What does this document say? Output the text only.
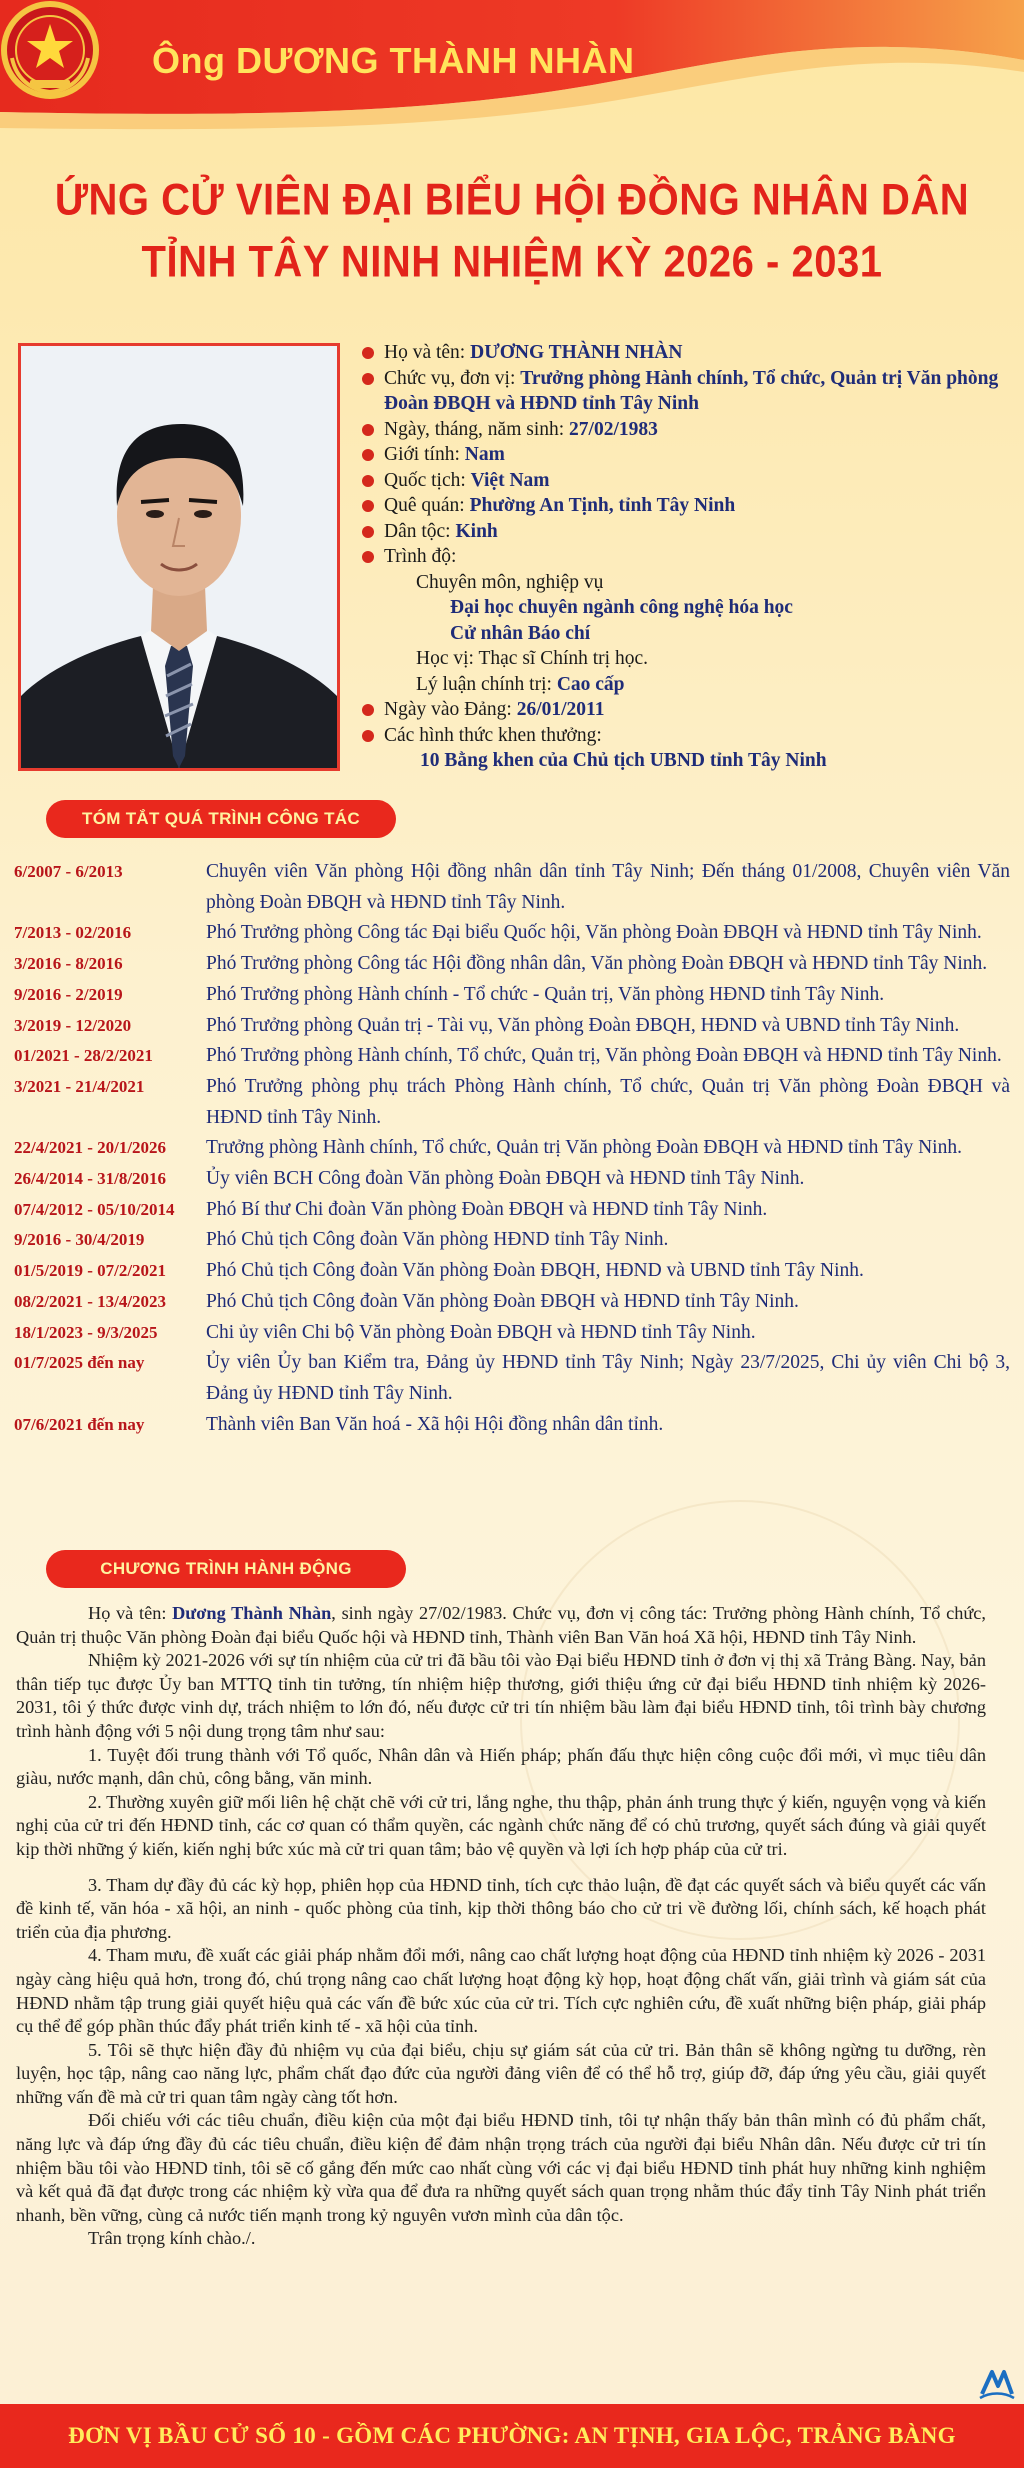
Ông DƯƠNG THÀNH NHÀN
ỨNG CỬ VIÊN ĐẠI BIỂU HỘI ĐỒNG NHÂN DÂN
TỈNH TÂY NINH NHIỆM KỲ 2026 - 2031
Họ và tên: DƯƠNG THÀNH NHÀN
Chức vụ, đơn vị: Trưởng phòng Hành chính, Tổ chức, Quản trị Văn phòng Đoàn ĐBQH và HĐND tỉnh Tây Ninh
Ngày, tháng, năm sinh: 27/02/1983
Giới tính: Nam
Quốc tịch: Việt Nam
Quê quán: Phường An Tịnh, tỉnh Tây Ninh
Dân tộc: Kinh
Trình độ:
Chuyên môn, nghiệp vụ
Đại học chuyên ngành công nghệ hóa học
Cử nhân Báo chí
Học vị: Thạc sĩ Chính trị học.
Lý luận chính trị: Cao cấp
Ngày vào Đảng: 26/01/2011
Các hình thức khen thưởng:
10 Bằng khen của Chủ tịch UBND tỉnh Tây Ninh
TÓM TẮT QUÁ TRÌNH CÔNG TÁC
6/2007 - 6/2013	Chuyên viên Văn phòng Hội đồng nhân dân tỉnh Tây Ninh; Đến tháng 01/2008, Chuyên viên Văn phòng Đoàn ĐBQH và HĐND tỉnh Tây Ninh.
7/2013 - 02/2016	Phó Trưởng phòng Công tác Đại biểu Quốc hội, Văn phòng Đoàn ĐBQH và HĐND tỉnh Tây Ninh.
3/2016 - 8/2016	Phó Trưởng phòng Công tác Hội đồng nhân dân, Văn phòng Đoàn ĐBQH và HĐND tỉnh Tây Ninh.
9/2016 - 2/2019	Phó Trưởng phòng Hành chính - Tổ chức - Quản trị, Văn phòng HĐND tỉnh Tây Ninh.
3/2019 - 12/2020	Phó Trưởng phòng Quản trị - Tài vụ, Văn phòng Đoàn ĐBQH, HĐND và UBND tỉnh Tây Ninh.
01/2021 - 28/2/2021	Phó Trưởng phòng Hành chính, Tổ chức, Quản trị, Văn phòng Đoàn ĐBQH và HĐND tỉnh Tây Ninh.
3/2021 - 21/4/2021	Phó Trưởng phòng phụ trách Phòng Hành chính, Tổ chức, Quản trị Văn phòng Đoàn ĐBQH và HĐND tỉnh Tây Ninh.
22/4/2021 - 20/1/2026	Trưởng phòng Hành chính, Tổ chức, Quản trị Văn phòng Đoàn ĐBQH và HĐND tỉnh Tây Ninh.
26/4/2014 - 31/8/2016	Ủy viên BCH Công đoàn Văn phòng Đoàn ĐBQH và HĐND tỉnh Tây Ninh.
07/4/2012 - 05/10/2014	Phó Bí thư Chi đoàn Văn phòng Đoàn ĐBQH và HĐND tỉnh Tây Ninh.
9/2016 - 30/4/2019	Phó Chủ tịch Công đoàn Văn phòng HĐND tỉnh Tây Ninh.
01/5/2019 - 07/2/2021	Phó Chủ tịch Công đoàn Văn phòng Đoàn ĐBQH, HĐND và UBND tỉnh Tây Ninh.
08/2/2021 - 13/4/2023	Phó Chủ tịch Công đoàn Văn phòng Đoàn ĐBQH và HĐND tỉnh Tây Ninh.
18/1/2023 - 9/3/2025	Chi ủy viên Chi bộ Văn phòng Đoàn ĐBQH và HĐND tỉnh Tây Ninh.
01/7/2025 đến nay	Ủy viên Ủy ban Kiểm tra, Đảng ủy HĐND tỉnh Tây Ninh; Ngày 23/7/2025, Chi ủy viên Chi bộ 3, Đảng ủy HĐND tỉnh Tây Ninh.
07/6/2021 đến nay	Thành viên Ban Văn hoá - Xã hội Hội đồng nhân dân tỉnh.
CHƯƠNG TRÌNH HÀNH ĐỘNG

Họ và tên: Dương Thành Nhàn, sinh ngày 27/02/1983. Chức vụ, đơn vị công tác: Trưởng phòng Hành chính, Tổ chức, Quản trị thuộc Văn phòng Đoàn đại biểu Quốc hội và HĐND tỉnh, Thành viên Ban Văn hoá Xã hội, HĐND tỉnh Tây Ninh.

Nhiệm kỳ 2021-2026 với sự tín nhiệm của cử tri đã bầu tôi vào Đại biểu HĐND tỉnh ở đơn vị thị xã Trảng Bàng. Nay, bản thân tiếp tục được Ủy ban MTTQ tỉnh tin tưởng, tín nhiệm hiệp thương, giới thiệu ứng cử đại biểu HĐND tỉnh nhiệm kỳ 2026-2031, tôi ý thức được vinh dự, trách nhiệm to lớn đó, nếu được cử tri tín nhiệm bầu làm đại biểu HĐND tỉnh, tôi trình bày chương trình hành động với 5 nội dung trọng tâm như sau:

1. Tuyệt đối trung thành với Tổ quốc, Nhân dân và Hiến pháp; phấn đấu thực hiện công cuộc đổi mới, vì mục tiêu dân giàu, nước mạnh, dân chủ, công bằng, văn minh.

2. Thường xuyên giữ mối liên hệ chặt chẽ với cử tri, lắng nghe, thu thập, phản ánh trung thực ý kiến, nguyện vọng và kiến nghị của cử tri đến HĐND tỉnh, các cơ quan có thẩm quyền, các ngành chức năng để có chủ trương, quyết sách đúng và giải quyết kịp thời những ý kiến, kiến nghị bức xúc mà cử tri quan tâm; bảo vệ quyền và lợi ích hợp pháp của cử tri.

3. Tham dự đầy đủ các kỳ họp, phiên họp của HĐND tỉnh, tích cực thảo luận, đề đạt các quyết sách và biểu quyết các vấn đề kinh tế, văn hóa - xã hội, an ninh - quốc phòng của tỉnh, kịp thời thông báo cho cử tri về đường lối, chính sách, kế hoạch phát triển của địa phương.

4. Tham mưu, đề xuất các giải pháp nhằm đổi mới, nâng cao chất lượng hoạt động của HĐND tỉnh nhiệm kỳ 2026 - 2031 ngày càng hiệu quả hơn, trong đó, chú trọng nâng cao chất lượng hoạt động kỳ họp, hoạt động chất vấn, giải trình và giám sát của HĐND nhằm tập trung giải quyết hiệu quả các vấn đề bức xúc của cử tri. Tích cực nghiên cứu, đề xuất những biện pháp, giải pháp cụ thể để góp phần thúc đẩy phát triển kinh tế - xã hội của tỉnh.

5. Tôi sẽ thực hiện đầy đủ nhiệm vụ của đại biểu, chịu sự giám sát của cử tri. Bản thân sẽ không ngừng tu dưỡng, rèn luyện, học tập, nâng cao năng lực, phẩm chất đạo đức của người đảng viên để có thể hỗ trợ, giúp đỡ, đáp ứng yêu cầu, giải quyết những vấn đề mà cử tri quan tâm ngày càng tốt hơn.

Đối chiếu với các tiêu chuẩn, điều kiện của một đại biểu HĐND tỉnh, tôi tự nhận thấy bản thân mình có đủ phẩm chất, năng lực và đáp ứng đầy đủ các tiêu chuẩn, điều kiện để đảm nhận trọng trách của người đại biểu Nhân dân. Nếu được cử tri tín nhiệm bầu tôi vào HĐND tỉnh, tôi sẽ cố gắng đến mức cao nhất cùng với các vị đại biểu HĐND tỉnh phát huy những kinh nghiệm và kết quả đã đạt được trong các nhiệm kỳ vừa qua để đưa ra những quyết sách quan trọng nhằm thúc đẩy tỉnh Tây Ninh phát triển nhanh, bền vững, cùng cả nước tiến mạnh trong kỷ nguyên vươn mình của dân tộc.

Trân trọng kính chào./.

ĐƠN VỊ BẦU CỬ SỐ 10 - GỒM CÁC PHƯỜNG: AN TỊNH, GIA LỘC, TRẢNG BÀNG
